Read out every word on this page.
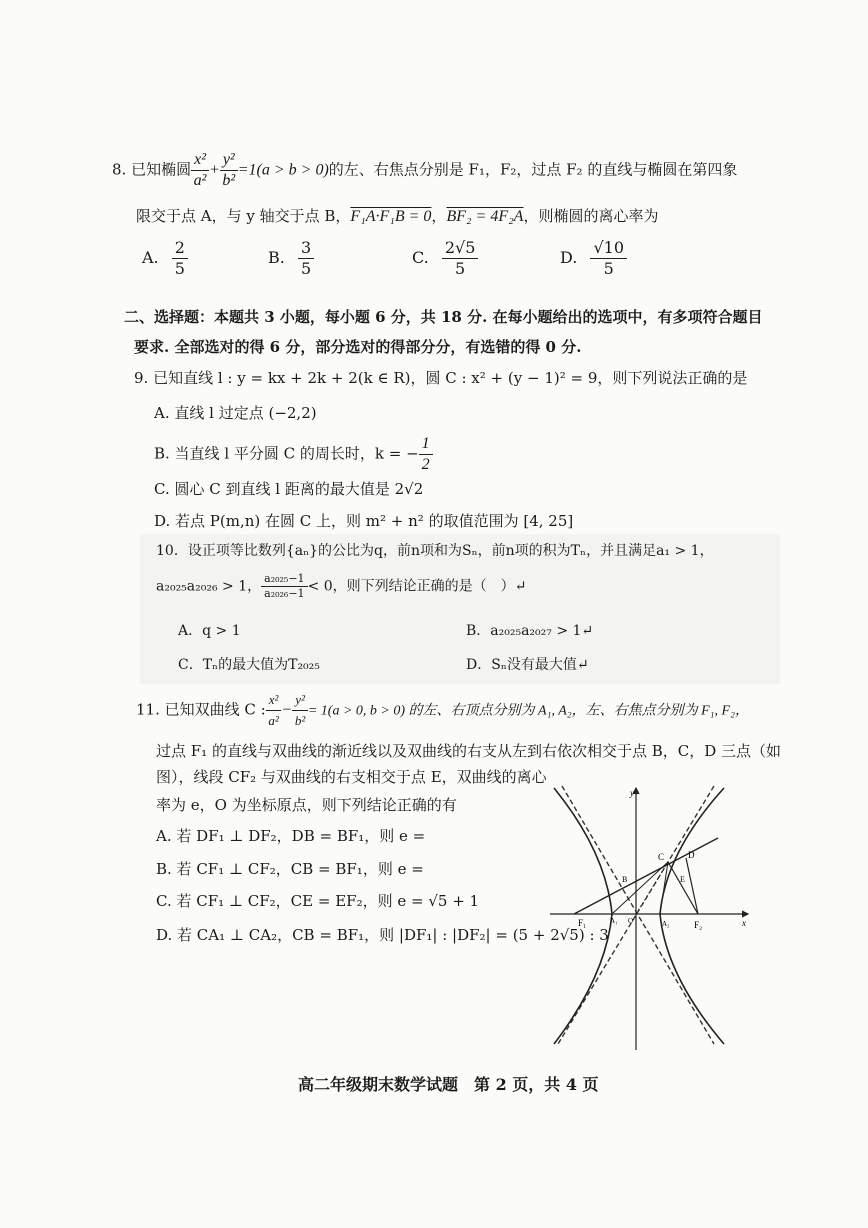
8. 已知椭圆 $\frac{\text{x²}}{\text{a²}} + \frac{\text{y²}}{\text{b²}} =1(a > b > 0)$的左、右焦点分别是 F₁，F₂，过点 F₂ 的直线与椭圆在第四象
限交于点 A，与 y 轴交于点 B，F₁A·F₁B = 0，BF₂ = 4F₂A，则椭圆的离心率为
A. $\frac{2}{5}$	B. $\frac{3}{5}$	C. $\frac{2√5}{5}$	D. $\frac{√10}{5}$
二、选择题：本题共 3 小题，每小题 6 分，共 18 分. 在每小题给出的选项中，有多项符合题目
要求. 全部选对的得 6 分，部分选对的得部分分，有选错的得 0 分.
9. 已知直线 l : y = kx + 2k + 2(k ∈ R)，圆 C : x² + (y − 1)² = 9，则下列说法正确的是
A. 直线 l 过定点 (−2,2)
B. 当直线 l 平分圆 C 的周长时，k = − $\frac{1}{2}$
C. 圆心 C 到直线 l 距离的最大值是 2√2
D. 若点 P(m,n) 在圆 C 上，则 m² + n² 的取值范围为 [4, 25]
10．设正项等比数列{aₙ}的公比为q，前n项和为Sₙ，前n项的积为Tₙ，并且满足a₁ > 1，
a₂₀₂₅a₂₀₂₆ > 1， $\frac{\text{a₂₀₂₅−1}}{\text{a₂₀₂₆−1}} < 0$，则下列结论正确的是（　）↵
A．q > 1	B．a₂₀₂₅a₂₀₂₇ > 1↵
C．Tₙ的最大值为T₂₀₂₅	D．Sₙ没有最大值↵
11. 已知双曲线 C : $\frac{\text{x²}}{\text{a²}} - \frac{\text{y²}}{\text{b²}} = 1(a > 0$, b > 0) 的左、右顶点分别为 A₁, A₂，左、右焦点分别为 F₁, F₂，
过点 F₁ 的直线与双曲线的渐近线以及双曲线的右支从左到右依次相交于点 B，C，D 三点（如
图），线段 CF₂ 与双曲线的右支相交于点 E，双曲线的离心
率为 e，O 为坐标原点，则下列结论正确的有
A. 若 DF₁ ⊥ DF₂，DB = BF₁，则 e =
B. 若 CF₁ ⊥ CF₂，CB = BF₁，则 e =
C. 若 CF₁ ⊥ CF₂，CE = EF₂，则 e = √5 + 1
D. 若 CA₁ ⊥ CA₂，CB = BF₁，则 |DF₁| : |DF₂| = (5 + 2√5) : 3
y
x
F₁	A₁ O	A₂	F₂
B
C	D
E
高二年级期末数学试题　第 2 页，共 4 页
